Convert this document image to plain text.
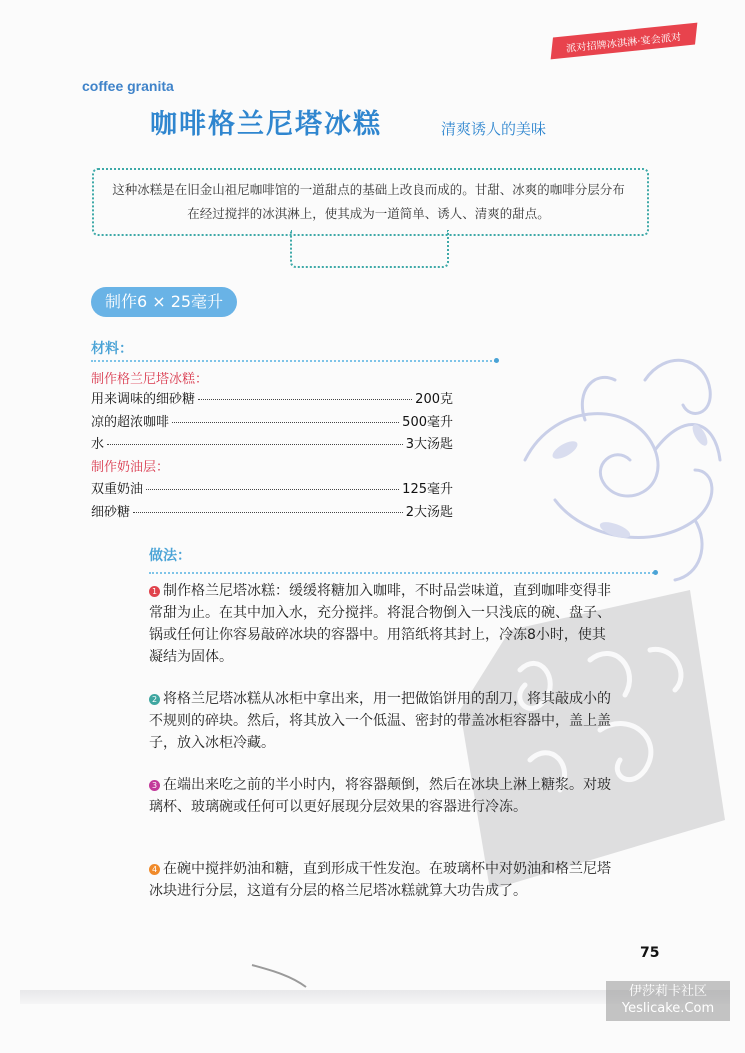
派对招牌冰淇淋·宴会派对
coffee granita
咖啡格兰尼塔冰糕	清爽诱人的美味
这种冰糕是在旧金山祖尼咖啡馆的一道甜点的基础上改良而成的。甘甜、冰爽的咖啡分层分布在经过搅拌的冰淇淋上，使其成为一道简单、诱人、清爽的甜点。
制作6 × 25毫升
材料：
制作格兰尼塔冰糕：
用来调味的细砂糖	200克
凉的超浓咖啡	500毫升
水	3大汤匙
制作奶油层：
双重奶油	125毫升
细砂糖	2大汤匙
做法：
1 制作格兰尼塔冰糕：缓缓将糖加入咖啡，不时品尝味道，直到咖啡变得非常甜为止。在其中加入水，充分搅拌。将混合物倒入一只浅底的碗、盘子、锅或任何让你容易敲碎冰块的容器中。用箔纸将其封上，冷冻8小时，使其凝结为固体。
2 将格兰尼塔冰糕从冰柜中拿出来，用一把做馅饼用的刮刀，将其敲成小的不规则的碎块。然后，将其放入一个低温、密封的带盖冰柜容器中，盖上盖子，放入冰柜冷藏。
3 在端出来吃之前的半小时内，将容器颠倒，然后在冰块上淋上糖浆。对玻璃杯、玻璃碗或任何可以更好展现分层效果的容器进行冷冻。
4 在碗中搅拌奶油和糖，直到形成干性发泡。在玻璃杯中对奶油和格兰尼塔冰块进行分层，这道有分层的格兰尼塔冰糕就算大功告成了。
75
伊莎莉卡社区
Yeslicake.Com
